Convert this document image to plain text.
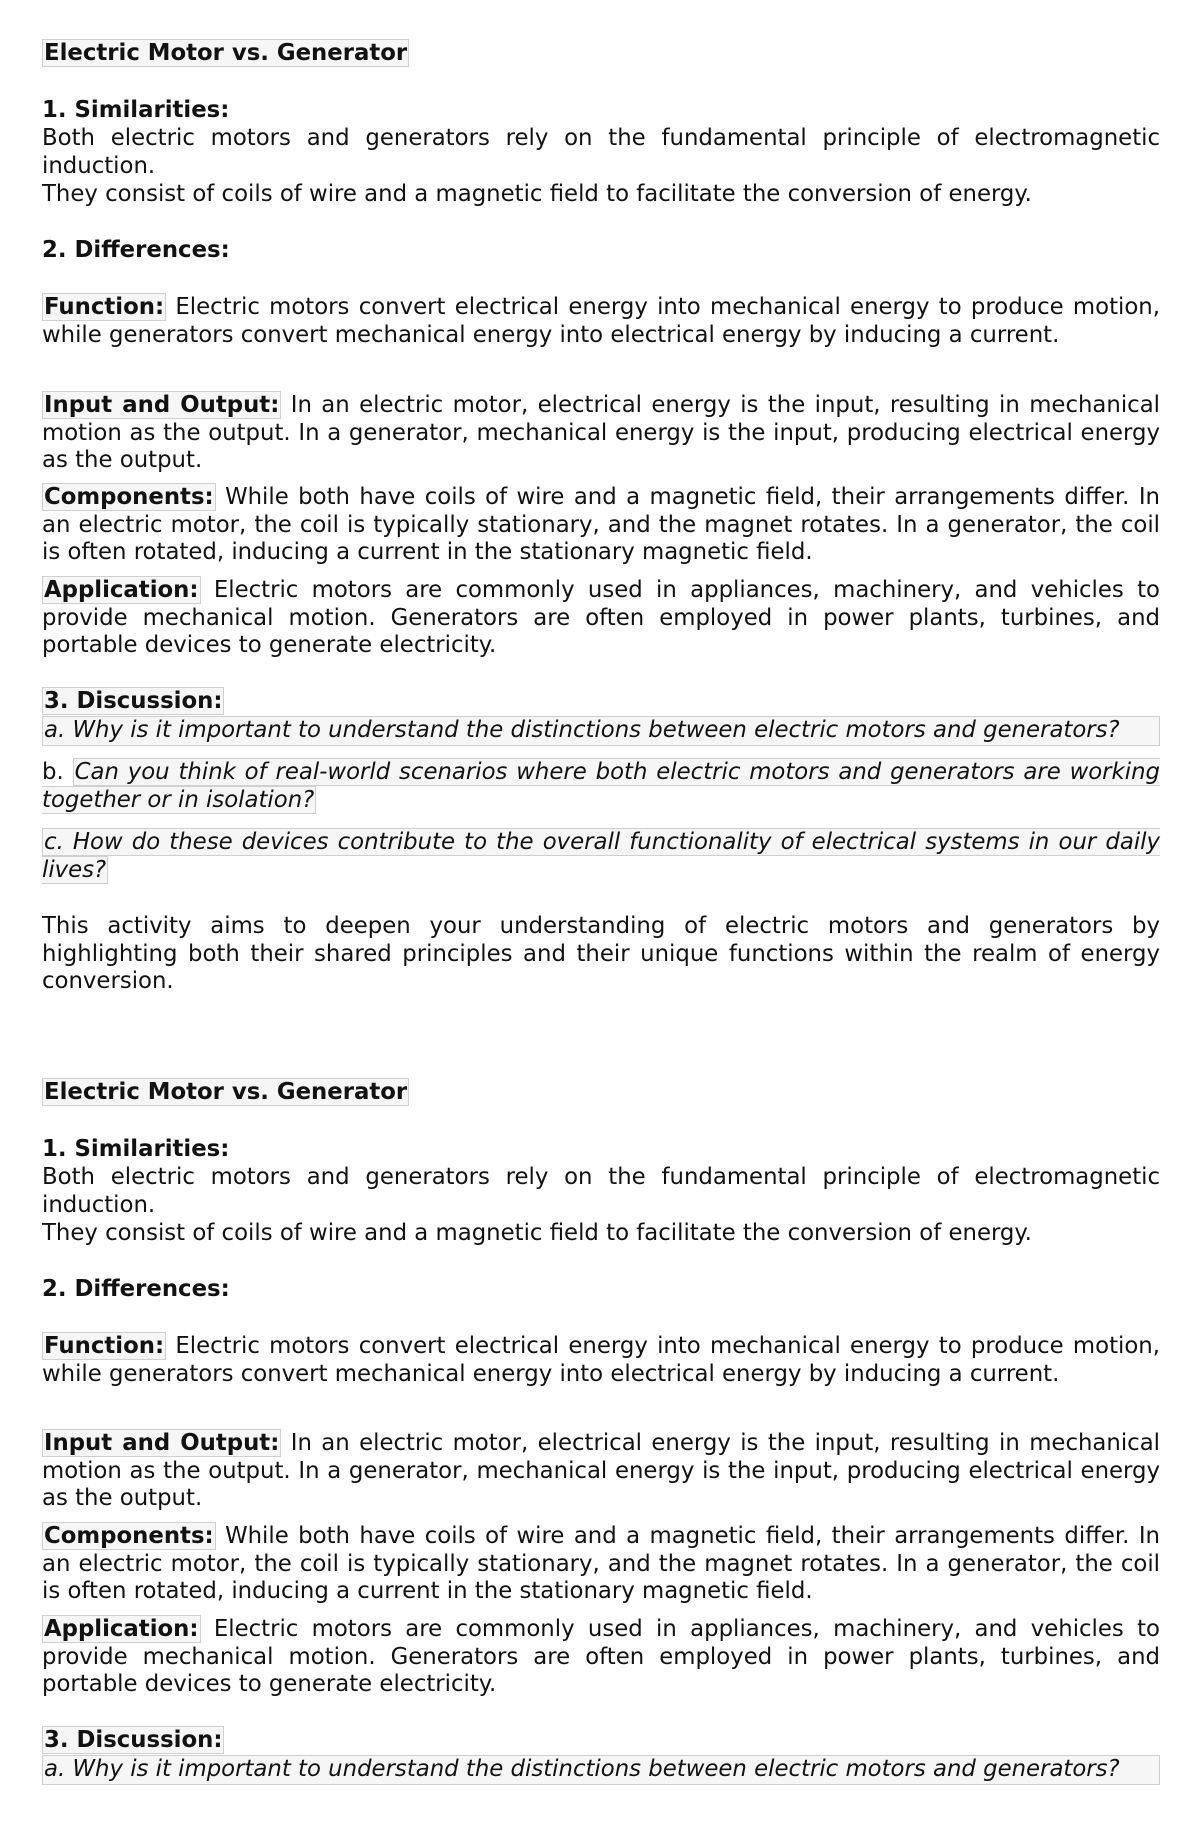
Electric Motor vs. Generator
1. Similarities:
Both electric motors and generators rely on the fundamental principle of electromagnetic induction.
They consist of coils of wire and a magnetic field to facilitate the conversion of energy.
2. Differences:
Function: Electric motors convert electrical energy into mechanical energy to produce motion, while generators convert mechanical energy into electrical energy by inducing a current.
Input and Output: In an electric motor, electrical energy is the input, resulting in mechanical motion as the output. In a generator, mechanical energy is the input, producing electrical energy as the output.
Components: While both have coils of wire and a magnetic field, their arrangements differ. In an electric motor, the coil is typically stationary, and the magnet rotates. In a generator, the coil is often rotated, inducing a current in the stationary magnetic field.
Application: Electric motors are commonly used in appliances, machinery, and vehicles to provide mechanical motion. Generators are often employed in power plants, turbines, and portable devices to generate electricity.
3. Discussion:
a. Why is it important to understand the distinctions between electric motors and generators?
b. Can you think of real-world scenarios where both electric motors and generators are working together or in isolation?
c. How do these devices contribute to the overall functionality of electrical systems in our daily lives?
This activity aims to deepen your understanding of electric motors and generators by highlighting both their shared principles and their unique functions within the realm of energy conversion.
Electric Motor vs. Generator
1. Similarities:
Both electric motors and generators rely on the fundamental principle of electromagnetic induction.
They consist of coils of wire and a magnetic field to facilitate the conversion of energy.
2. Differences:
Function: Electric motors convert electrical energy into mechanical energy to produce motion, while generators convert mechanical energy into electrical energy by inducing a current.
Input and Output: In an electric motor, electrical energy is the input, resulting in mechanical motion as the output. In a generator, mechanical energy is the input, producing electrical energy as the output.
Components: While both have coils of wire and a magnetic field, their arrangements differ. In an electric motor, the coil is typically stationary, and the magnet rotates. In a generator, the coil is often rotated, inducing a current in the stationary magnetic field.
Application: Electric motors are commonly used in appliances, machinery, and vehicles to provide mechanical motion. Generators are often employed in power plants, turbines, and portable devices to generate electricity.
3. Discussion:
a. Why is it important to understand the distinctions between electric motors and generators?
